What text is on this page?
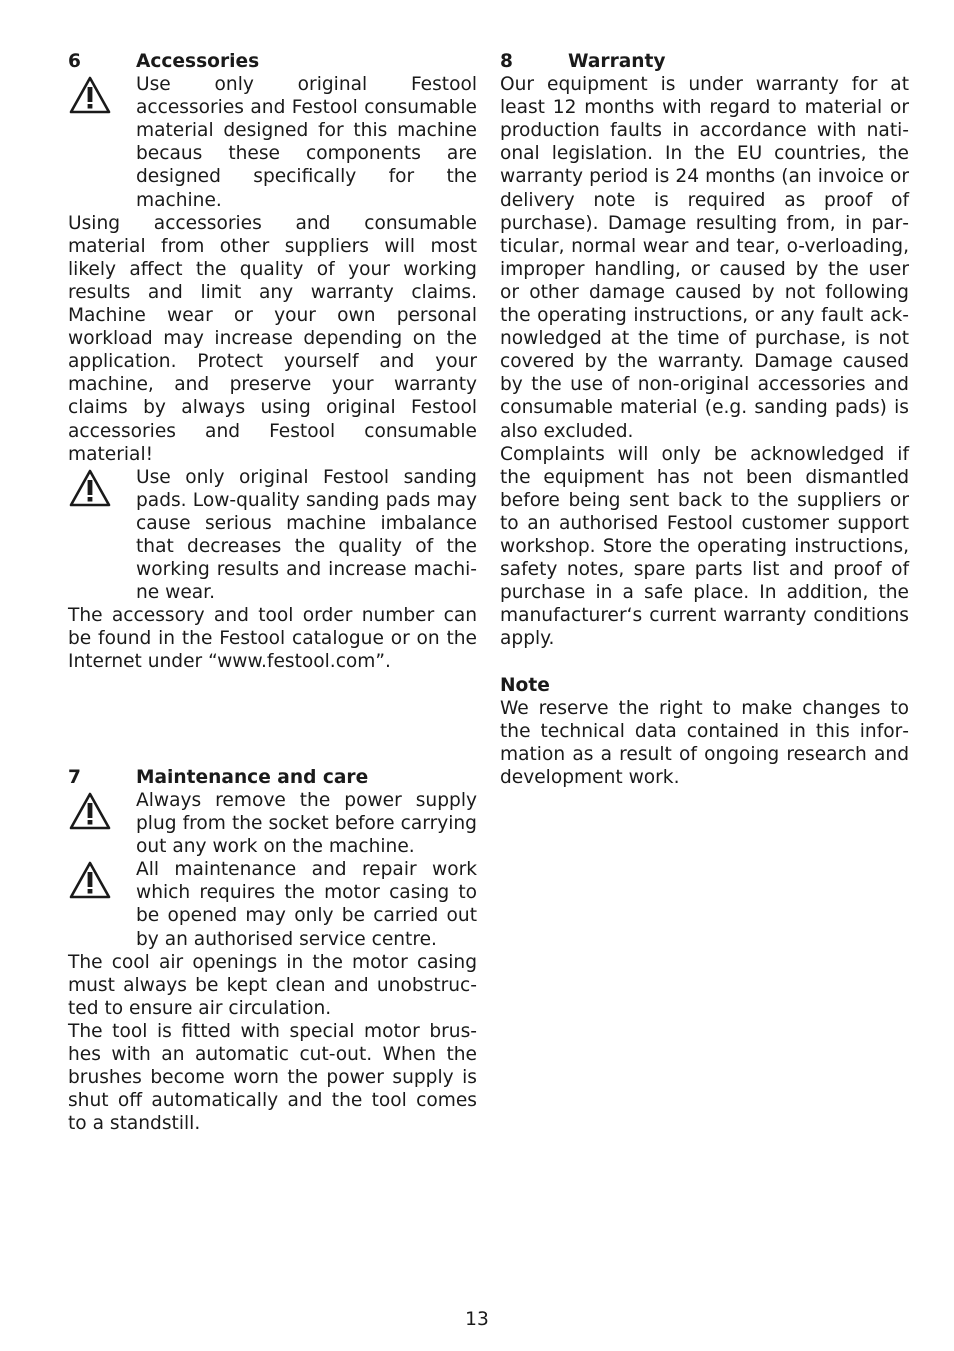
6	Accessories

Use only original Festool accessories and Festool consumable material designed for this machine becaus these components are designed specifically for the machine.

Using accessories and consumable material from other suppliers will most likely affect the quality of your working results and limit any warranty claims. Machine wear or your own personal workload may increase depending on the application. Protect yourself and your machine, and preserve your warranty claims by always using original Festool accessories and Festool consumable material!

Use only original Festool sanding pads. Low-quality sanding pads may cause serious machine imbalance that decreases the quality of the working results and increase machine wear.

The accessory and tool order number can be found in the Festool catalogue or on the Internet under “www.festool.com”.

7	Maintenance and care

Always remove the power supply plug from the socket before carrying out any work on the machine.

All maintenance and repair work which requires the motor casing to be opened may only be carried out by an authorised service centre.

The cool air openings in the motor casing must always be kept clean and unobstructed to ensure air circulation.

The tool is fitted with special motor brushes with an automatic cut-out. When the brushes become worn the power supply is shut off automatically and the tool comes to a standstill.

8	Warranty

Our equipment is under warranty for at least 12 months with regard to material or production faults in accordance with national legislation. In the EU countries, the warranty period is 24 months (an invoice or delivery note is required as proof of purchase). Damage resulting from, in particular, normal wear and tear, o-verloading, improper handling, or caused by the user or other damage caused by not following the operating instructions, or any fault acknowledged at the time of purchase, is not covered by the warranty. Damage caused by the use of non-original accessories and consumable material (e.g. sanding pads) is also excluded.

Complaints will only be acknowledged if the equipment has not been dismantled before being sent back to the suppliers or to an authorised Festool customer support workshop. Store the operating instructions, safety notes, spare parts list and proof of purchase in a safe place. In addition, the manufacturer‘s current warranty conditions apply.

Note

We reserve the right to make changes to the technical data contained in this information as a result of ongoing research and development work.

13
